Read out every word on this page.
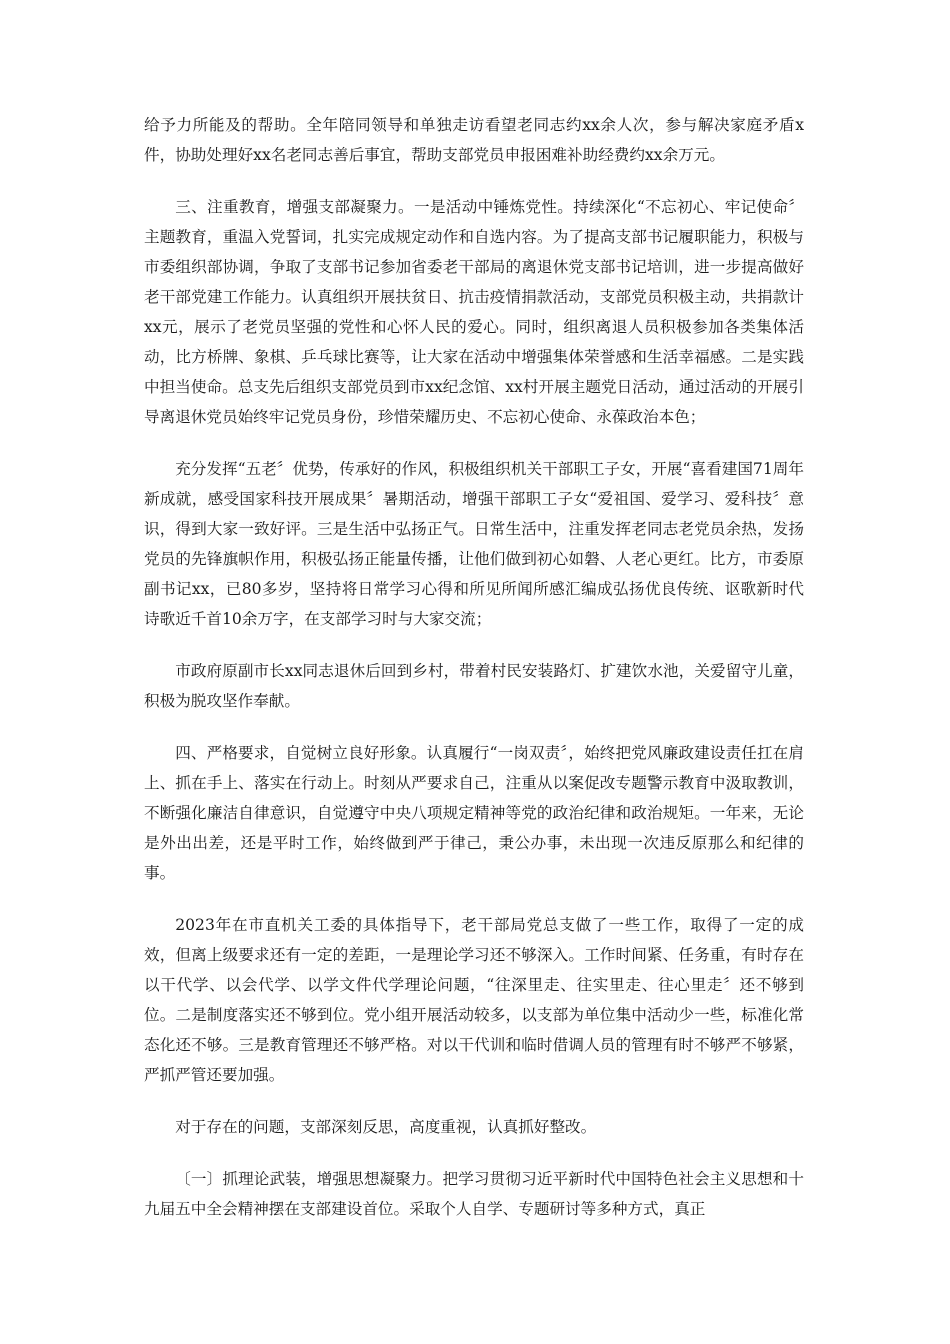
给予力所能及的帮助。全年陪同领导和单独走访看望老同志约xx余人次，参与解决家庭矛盾x件，协助处理好xx名老同志善后事宜，帮助支部党员申报困难补助经费约xx余万元。

三、注重教育，增强支部凝聚力。一是活动中锤炼党性。持续深化“不忘初心、牢记使命〞主题教育，重温入党誓词，扎实完成规定动作和自选内容。为了提高支部书记履职能力，积极与市委组织部协调，争取了支部书记参加省委老干部局的离退休党支部书记培训，进一步提高做好老干部党建工作能力。认真组织开展扶贫日、抗击疫情捐款活动，支部党员积极主动，共捐款计xx元，展示了老党员坚强的党性和心怀人民的爱心。同时，组织离退人员积极参加各类集体活动，比方桥牌、象棋、乒乓球比赛等，让大家在活动中增强集体荣誉感和生活幸福感。二是实践中担当使命。总支先后组织支部党员到市xx纪念馆、xx村开展主题党日活动，通过活动的开展引导离退休党员始终牢记党员身份，珍惜荣耀历史、不忘初心使命、永葆政治本色；

充分发挥“五老〞优势，传承好的作风，积极组织机关干部职工子女，开展“喜看建国71周年新成就，感受国家科技开展成果〞暑期活动，增强干部职工子女“爱祖国、爱学习、爱科技〞意识，得到大家一致好评。三是生活中弘扬正气。日常生活中，注重发挥老同志老党员余热，发扬党员的先锋旗帜作用，积极弘扬正能量传播，让他们做到初心如磐、人老心更红。比方，市委原副书记xx，已80多岁，坚持将日常学习心得和所见所闻所感汇编成弘扬优良传统、讴歌新时代诗歌近千首10余万字，在支部学习时与大家交流；

市政府原副市长xx同志退休后回到乡村，带着村民安装路灯、扩建饮水池，关爱留守儿童，积极为脱攻坚作奉献。

四、严格要求，自觉树立良好形象。认真履行“一岗双责〞，始终把党风廉政建设责任扛在肩上、抓在手上、落实在行动上。时刻从严要求自己，注重从以案促改专题警示教育中汲取教训，不断强化廉洁自律意识，自觉遵守中央八项规定精神等党的政治纪律和政治规矩。一年来，无论是外出出差，还是平时工作，始终做到严于律己，秉公办事，未出现一次违反原那么和纪律的事。

2023年在市直机关工委的具体指导下，老干部局党总支做了一些工作，取得了一定的成效，但离上级要求还有一定的差距，一是理论学习还不够深入。工作时间紧、任务重，有时存在以干代学、以会代学、以学文件代学理论问题，“往深里走、往实里走、往心里走〞还不够到位。二是制度落实还不够到位。党小组开展活动较多，以支部为单位集中活动少一些，标准化常态化还不够。三是教育管理还不够严格。对以干代训和临时借调人员的管理有时不够严不够紧，严抓严管还要加强。

对于存在的问题，支部深刻反思，高度重视，认真抓好整改。

〔一〕抓理论武装，增强思想凝聚力。把学习贯彻习近平新时代中国特色社会主义思想和十九届五中全会精神摆在支部建设首位。采取个人自学、专题研讨等多种方式，真正
